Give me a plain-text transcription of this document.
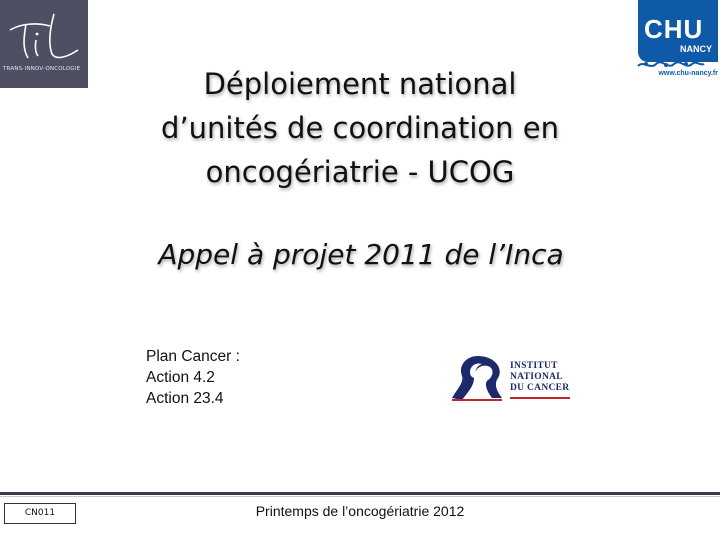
TRANS-INNOV-ONCOLOGIE
CHU
NANCY
www.chu-nancy.fr
Déploiement national
d’unités de coordination en
oncogériatrie - UCOG
Appel à projet 2011 de l’Inca
Plan Cancer :
Action 4.2
Action 23.4
INSTITUT
NATIONAL
DU CANCER
CN011	Printemps de l’oncogériatrie 2012
